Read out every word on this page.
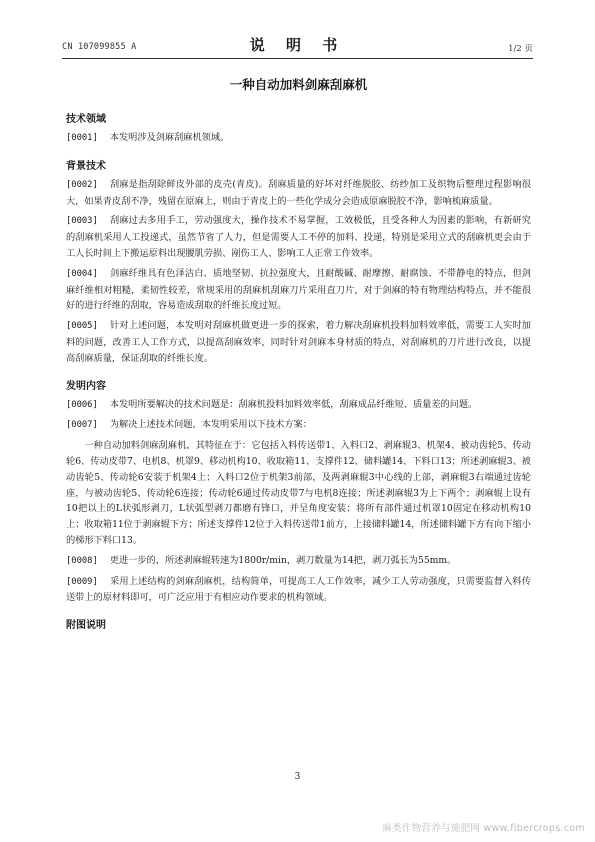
CN 107099855 A	说 明 书	1/2 页
一种自动加料剑麻刮麻机
技术领域

[0001] 本发明涉及剑麻刮麻机领域。

背景技术

[0002] 刮麻是指刮除鲜皮外部的皮壳(青皮)。刮麻质量的好坏对纤维脱胶、纺纱加工及织物后整理过程影响很大，如果青皮刮不净，残留在原麻上，则由于青皮上的一些化学成分会造成原麻脱胶不净，影响梳麻质量。

[0003] 刮麻过去多用手工，劳动强度大，操作技术不易掌握，工效极低，且受各种人为因素的影响，有新研究的刮麻机采用人工投递式，虽然节省了人力，但是需要人工不停的加料、投递，特别是采用立式的刮麻机更会由于工人长时间上下搬运原料出现腰肌劳损、剐伤工人、影响工人正常工作效率。

[0004] 剑麻纤维具有色泽洁白、质地坚韧、抗拉强度大，且耐酸碱、耐摩擦、耐腐蚀、不带静电的特点，但剑麻纤维相对粗糙，柔韧性较差，常规采用的刮麻机刮麻刀片采用直刀片，对于剑麻的特有物理结构特点，并不能很好的进行纤维的刮取，容易造成刮取的纤维长度过短。

[0005] 针对上述问题，本发明对刮麻机做更进一步的探索，着力解决刮麻机投料加料效率低，需要工人实时加料的问题，改善工人工作方式，以提高刮麻效率，同时针对剑麻本身材质的特点，对刮麻机的刀片进行改良，以提高刮麻质量，保证刮取的纤维长度。

发明内容

[0006] 本发明所要解决的技术问题是：刮麻机投料加料效率低，刮麻成品纤维短、质量差的问题。

[0007] 为解决上述技术问题，本发明采用以下技术方案：

一种自动加料剑麻刮麻机，其特征在于：它包括入料传送带1、入料口2、剥麻辊3、机架4、被动齿轮5、传动轮6、传动皮带7、电机8、机罩9、移动机构10、收取箱11、支撑件12、储料罐14、下料口13；所述剥麻辊3、被动齿轮5、传动轮6安装于机架4上；入料口2位于机架3前部，及两剥麻辊3中心线的上部，剥麻辊3右端通过齿轮座，与被动齿轮5、传动轮6连接；传动轮6通过传动皮带7与电机8连接；所述剥麻辊3为上下两个；剥麻辊上设有10把以上的L状弧形剥刀，L状弧型剥刀都磨有锋口，并呈角度安装；将所有部件通过机罩10固定在移动机构10上；收取箱11位于剥麻辊下方；所述支撑件12位于入料传送带1前方，上接储料罐14，所述储料罐下方有向下缩小的梯形下料口13。

[0008] 更进一步的，所述剥麻辊转速为1800r/min，剥刀数量为14把，剥刀弧长为55mm。

[0009] 采用上述结构的剑麻刮麻机，结构简单，可提高工人工作效率，减少工人劳动强度，只需要监督入料传送带上的原材料即可，可广泛应用于有相应动作要求的机构领域。

附图说明
3
麻类作物营养与施肥网 www.fibercrops.com
